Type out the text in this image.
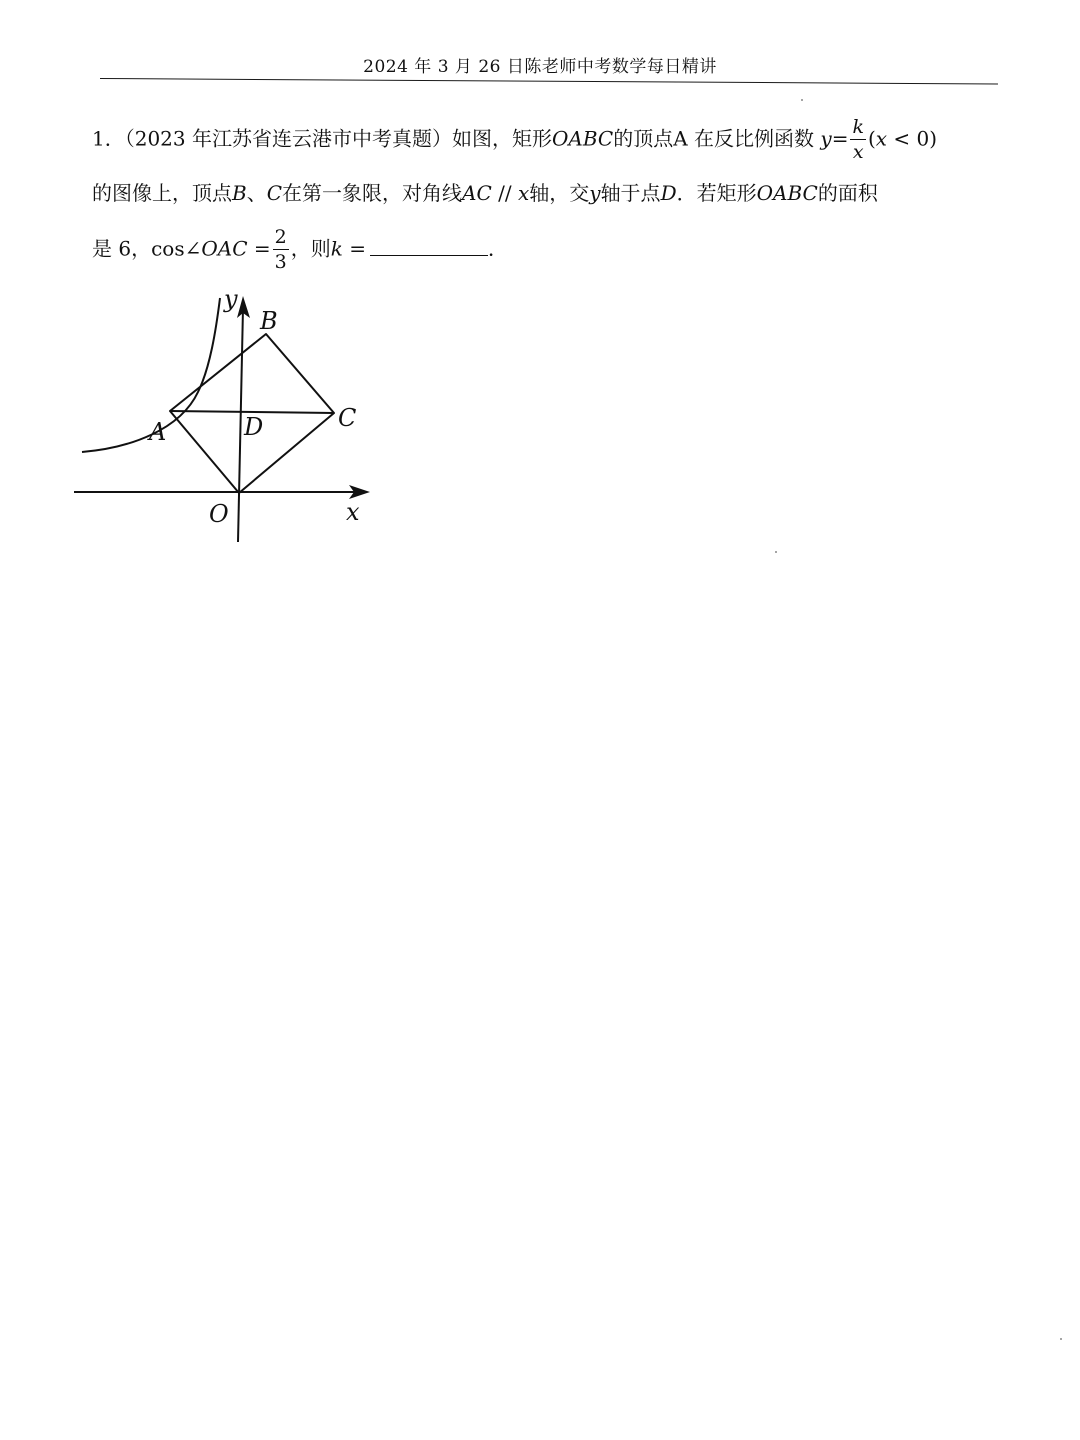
2024 年 3 月 26 日陈老师中考数学每日精讲
1．（2023 年江苏省连云港市中考真题）如图，矩形OABC的顶点A 在反比例函数 $y= \frac{k}{x} (x < 0)$
的图像上，顶点B、C在第一象限，对角线AC // x轴，交y轴于点D．若矩形OABC的面积
是 6，cos∠OAC = $\frac{2}{3}$ ，则k =	．
y
B
A	D	C
O	x
